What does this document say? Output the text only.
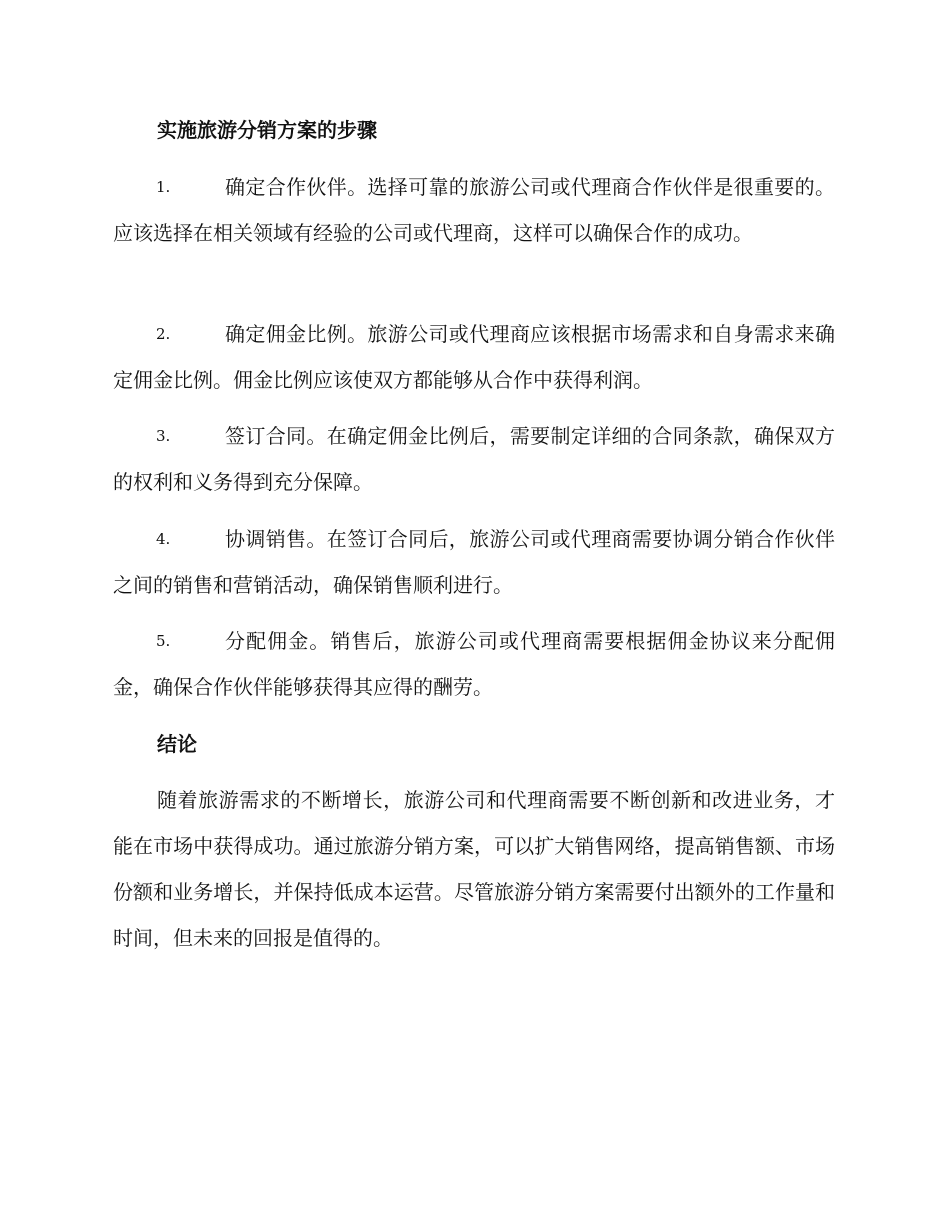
实施旅游分销方案的步骤
1.	确定合作伙伴。选择可靠的旅游公司或代理商合作伙伴是很重要的。应该选择在相关领域有经验的公司或代理商，这样可以确保合作的成功。
2.	确定佣金比例。旅游公司或代理商应该根据市场需求和自身需求来确定佣金比例。佣金比例应该使双方都能够从合作中获得利润。
3.	签订合同。在确定佣金比例后，需要制定详细的合同条款，确保双方的权利和义务得到充分保障。
4.	协调销售。在签订合同后，旅游公司或代理商需要协调分销合作伙伴之间的销售和营销活动，确保销售顺利进行。
5.	分配佣金。销售后，旅游公司或代理商需要根据佣金协议来分配佣金，确保合作伙伴能够获得其应得的酬劳。
结论

随着旅游需求的不断增长，旅游公司和代理商需要不断创新和改进业务，才能在市场中获得成功。通过旅游分销方案，可以扩大销售网络，提高销售额、市场份额和业务增长，并保持低成本运营。尽管旅游分销方案需要付出额外的工作量和时间，但未来的回报是值得的。
